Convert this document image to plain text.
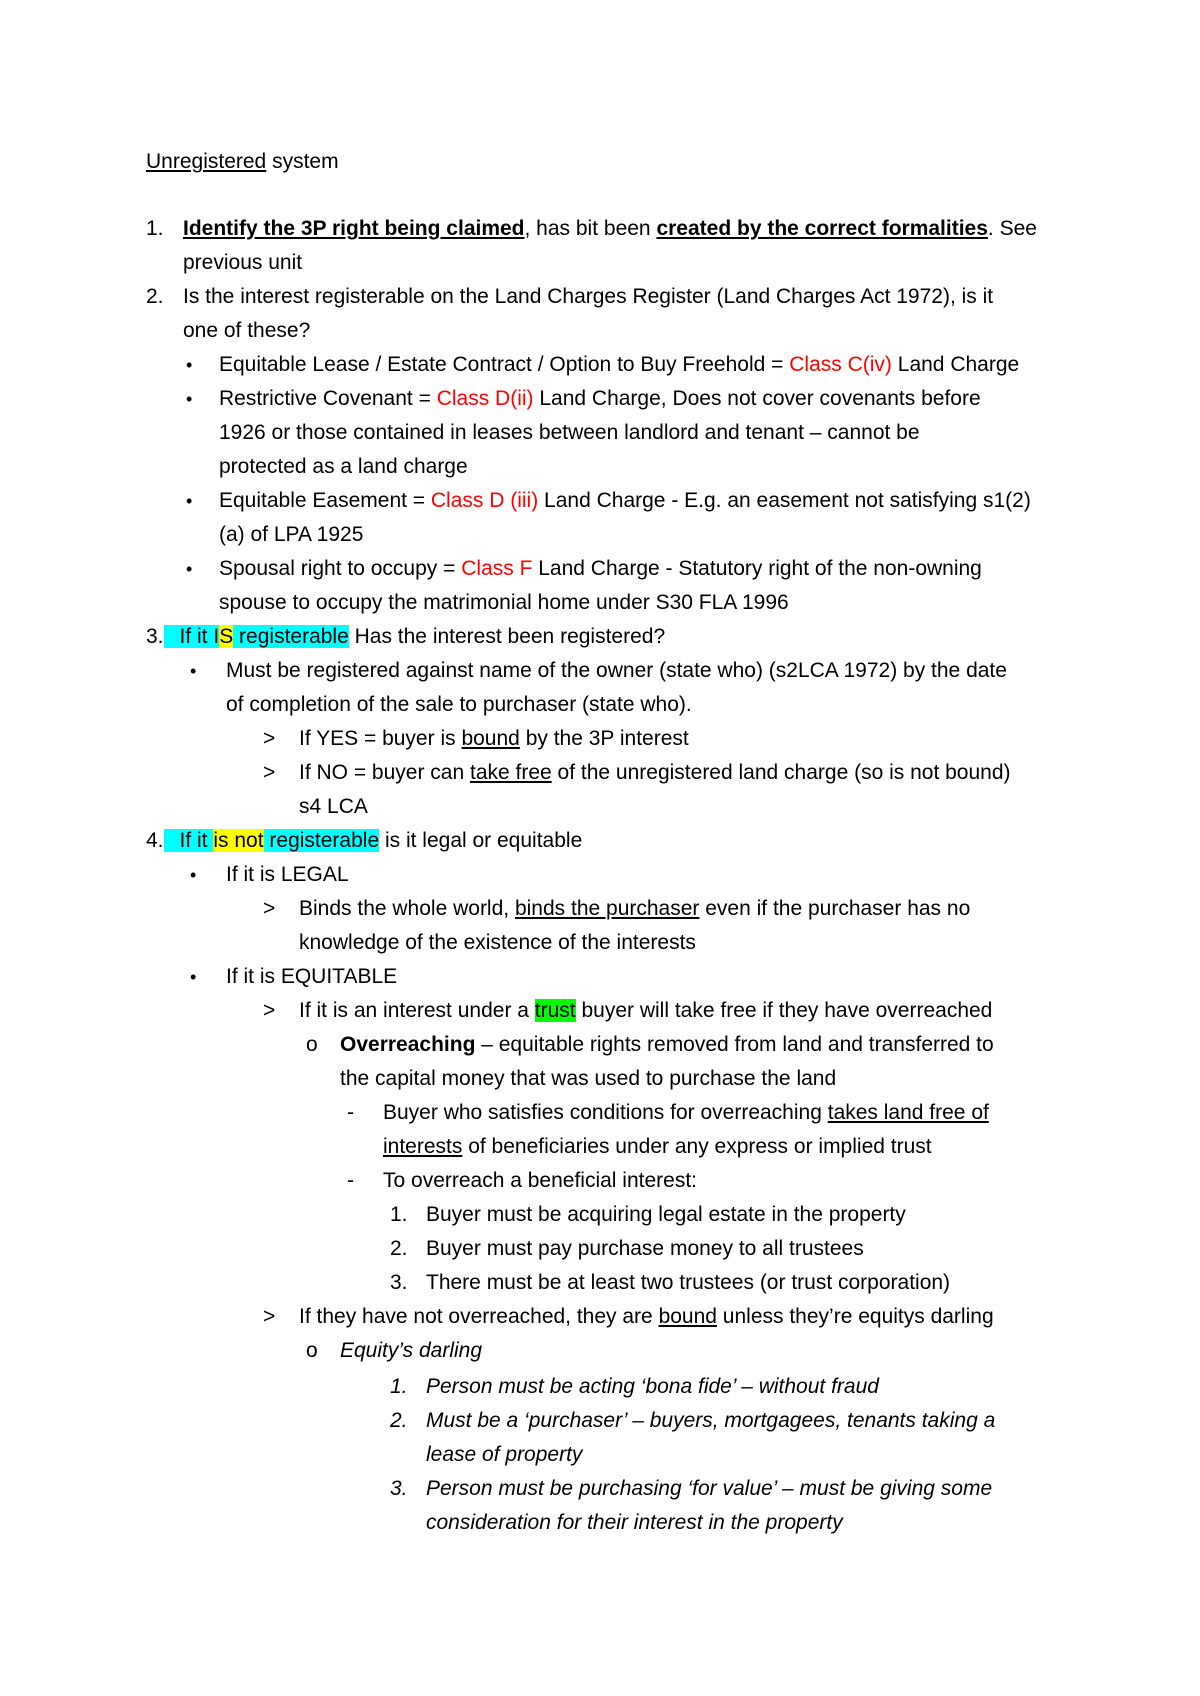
Unregistered system
1. Identify the 3P right being claimed, has bit been created by the correct formalities. See
previous unit
2. Is the interest registerable on the Land Charges Register (Land Charges Act 1972), is it
one of these?
• Equitable Lease / Estate Contract / Option to Buy Freehold = Class C(iv) Land Charge
• Restrictive Covenant = Class D(ii) Land Charge, Does not cover covenants before
1926 or those contained in leases between landlord and tenant – cannot be
protected as a land charge
• Equitable Easement = Class D (iii) Land Charge - E.g. an easement not satisfying s1(2)
(a) of LPA 1925
• Spousal right to occupy = Class F Land Charge - Statutory right of the non-owning
spouse to occupy the matrimonial home under S30 FLA 1996
3. If it IS registerable Has the interest been registered?
• Must be registered against name of the owner (state who) (s2LCA 1972) by the date
of completion of the sale to purchaser (state who).
> If YES = buyer is bound by the 3P interest
> If NO = buyer can take free of the unregistered land charge (so is not bound)
s4 LCA
4. If it is not registerable is it legal or equitable
• If it is LEGAL
> Binds the whole world, binds the purchaser even if the purchaser has no
knowledge of the existence of the interests
• If it is EQUITABLE
> If it is an interest under a trust buyer will take free if they have overreached
o Overreaching – equitable rights removed from land and transferred to
the capital money that was used to purchase the land
- Buyer who satisfies conditions for overreaching takes land free of
interests of beneficiaries under any express or implied trust
- To overreach a beneficial interest:
1. Buyer must be acquiring legal estate in the property
2. Buyer must pay purchase money to all trustees
3. There must be at least two trustees (or trust corporation)
> If they have not overreached, they are bound unless they’re equitys darling
o Equity’s darling
1. Person must be acting ‘bona fide’ – without fraud
2. Must be a ‘purchaser’ – buyers, mortgagees, tenants taking a
lease of property
3. Person must be purchasing ‘for value’ – must be giving some
consideration for their interest in the property
